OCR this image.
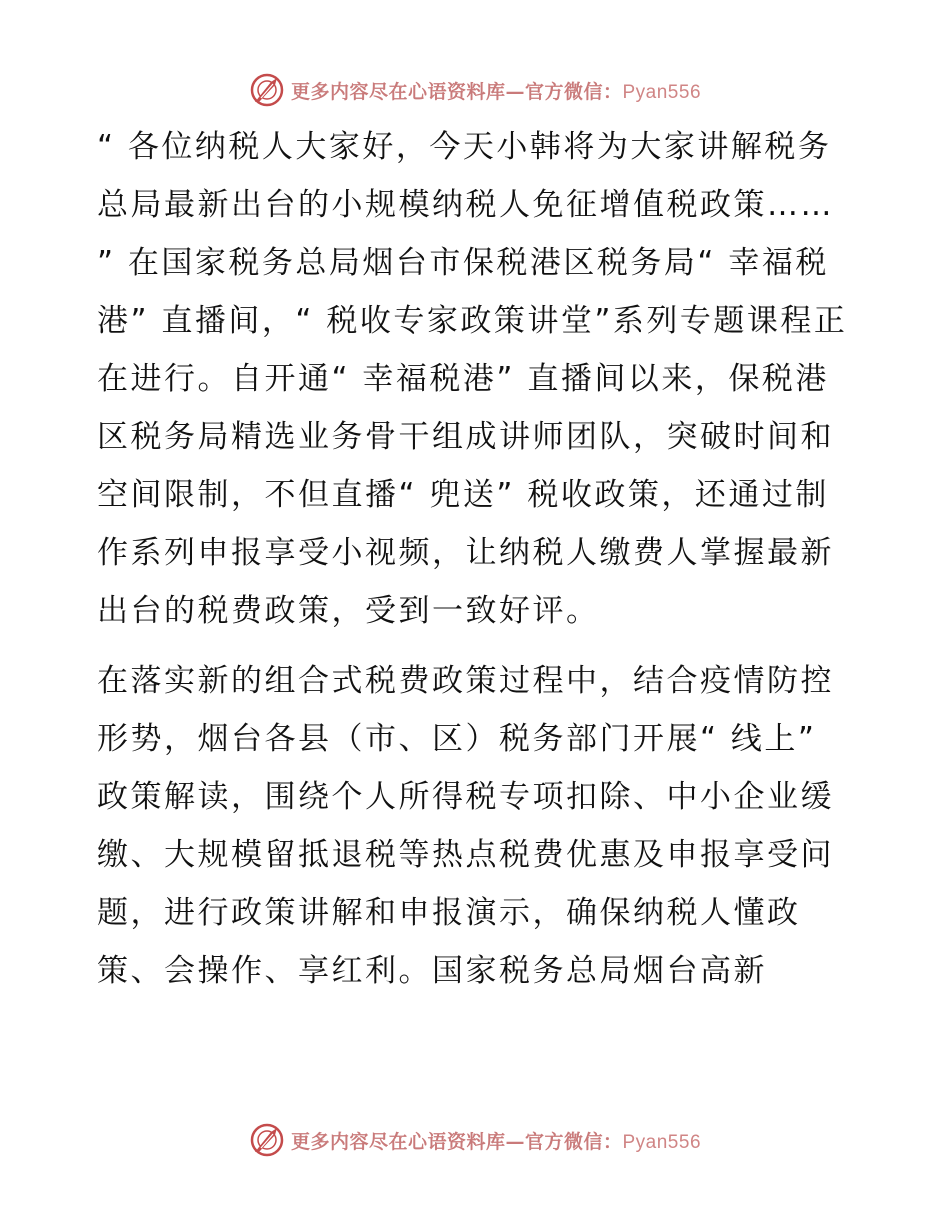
更多内容尽在心语资料库—官方微信：Pyan556

“ 各位纳税人大家好，今天小韩将为大家讲解税务总局最新出台的小规模纳税人免征增值税政策…… ” 在国家税务总局烟台市保税港区税务局“ 幸福税港” 直播间，“ 税收专家政策讲堂”系列专题课程正在进行。自开通“ 幸福税港” 直播间以来，保税港区税务局精选业务骨干组成讲师团队，突破时间和空间限制，不但直播“ 兜送” 税收政策，还通过制作系列申报享受小视频，让纳税人缴费人掌握最新出台的税费政策，受到一致好评。

在落实新的组合式税费政策过程中，结合疫情防控形势，烟台各县（市、区）税务部门开展“ 线上” 政策解读，围绕个人所得税专项扣除、中小企业缓缴、大规模留抵退税等热点税费优惠及申报享受问题，进行政策讲解和申报演示，确保纳税人懂政策、会操作、享红利。国家税务总局烟台高新

更多内容尽在心语资料库—官方微信：Pyan556
